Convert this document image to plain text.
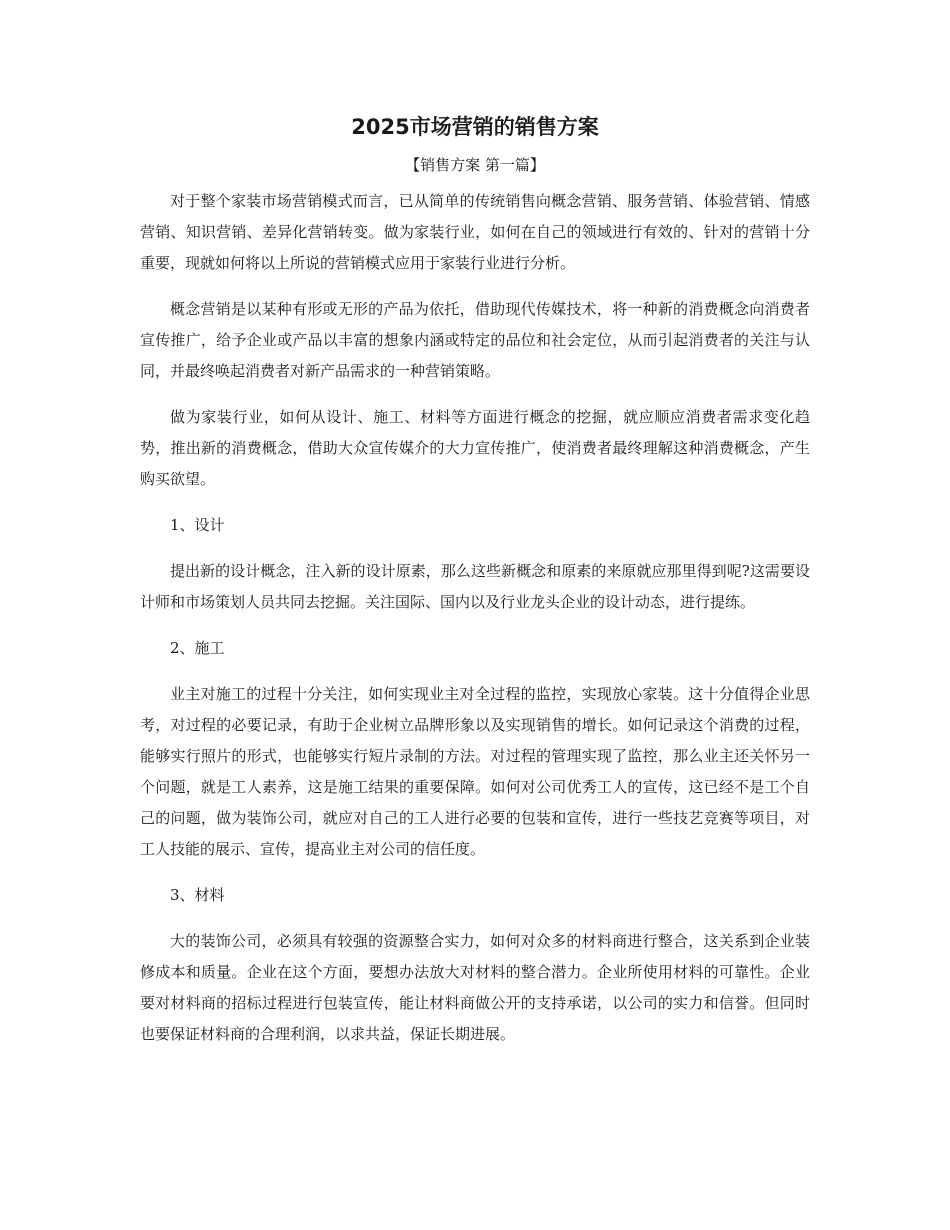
2025市场营销的销售方案
【销售方案 第一篇】

对于整个家装市场营销模式而言，已从简单的传统销售向概念营销、服务营销、体验营销、情感营销、知识营销、差异化营销转变。做为家装行业，如何在自己的领域进行有效的、针对的营销十分重要，现就如何将以上所说的营销模式应用于家装行业进行分析。

概念营销是以某种有形或无形的产品为依托，借助现代传媒技术，将一种新的消费概念向消费者宣传推广，给予企业或产品以丰富的想象内涵或特定的品位和社会定位，从而引起消费者的关注与认同，并最终唤起消费者对新产品需求的一种营销策略。

做为家装行业，如何从设计、施工、材料等方面进行概念的挖掘，就应顺应消费者需求变化趋势，推出新的消费概念，借助大众宣传媒介的大力宣传推广，使消费者最终理解这种消费概念，产生购买欲望。

1、设计

提出新的设计概念，注入新的设计原素，那么这些新概念和原素的来原就应那里得到呢?这需要设计师和市场策划人员共同去挖掘。关注国际、国内以及行业龙头企业的设计动态，进行提练。

2、施工

业主对施工的过程十分关注，如何实现业主对全过程的监控，实现放心家装。这十分值得企业思考，对过程的必要记录，有助于企业树立品牌形象以及实现销售的增长。如何记录这个消费的过程，能够实行照片的形式，也能够实行短片录制的方法。对过程的管理实现了监控，那么业主还关怀另一个问题，就是工人素养，这是施工结果的重要保障。如何对公司优秀工人的宣传，这已经不是工个自己的问题，做为装饰公司，就应对自己的工人进行必要的包装和宣传，进行一些技艺竞赛等项目，对工人技能的展示、宣传，提高业主对公司的信任度。

3、材料

大的装饰公司，必须具有较强的资源整合实力，如何对众多的材料商进行整合，这关系到企业装修成本和质量。企业在这个方面，要想办法放大对材料的整合潜力。企业所使用材料的可靠性。企业要对材料商的招标过程进行包装宣传，能让材料商做公开的支持承诺，以公司的实力和信誉。但同时也要保证材料商的合理利润，以求共益，保证长期进展。
